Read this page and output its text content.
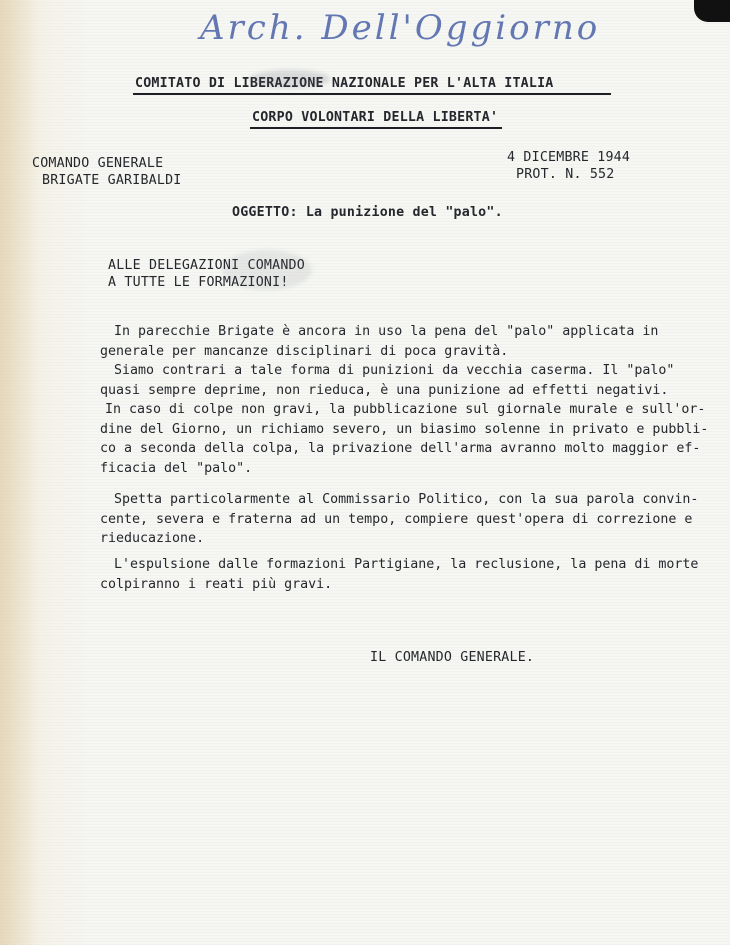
Arch. Dell'Oggiorno
COMITATO DI LIBERAZIONE NAZIONALE PER L'ALTA ITALIA
CORPO VOLONTARI DELLA LIBERTA'
COMANDO GENERALE
BRIGATE GARIBALDI
4 DICEMBRE 1944
PROT. N. 552
OGGETTO: La punizione del "palo".
ALLE DELEGAZIONI COMANDO
A TUTTE LE FORMAZIONI!
In parecchie Brigate è ancora in uso la pena del "palo" applicata in
generale per mancanze disciplinari di poca gravità.
Siamo contrari a tale forma di punizioni da vecchia caserma. Il "palo"
quasi sempre deprime, non rieduca, è una punizione ad effetti negativi.
In caso di colpe non gravi, la pubblicazione sul giornale murale e sull'or-
dine del Giorno, un richiamo severo, un biasimo solenne in privato e pubbli-
co a seconda della colpa, la privazione dell'arma avranno molto maggior ef-
ficacia del "palo".
Spetta particolarmente al Commissario Politico, con la sua parola convin-
cente, severa e fraterna ad un tempo, compiere quest'opera di correzione e
rieducazione.
L'espulsione dalle formazioni Partigiane, la reclusione, la pena di morte
colpiranno i reati più gravi.
IL COMANDO GENERALE.
